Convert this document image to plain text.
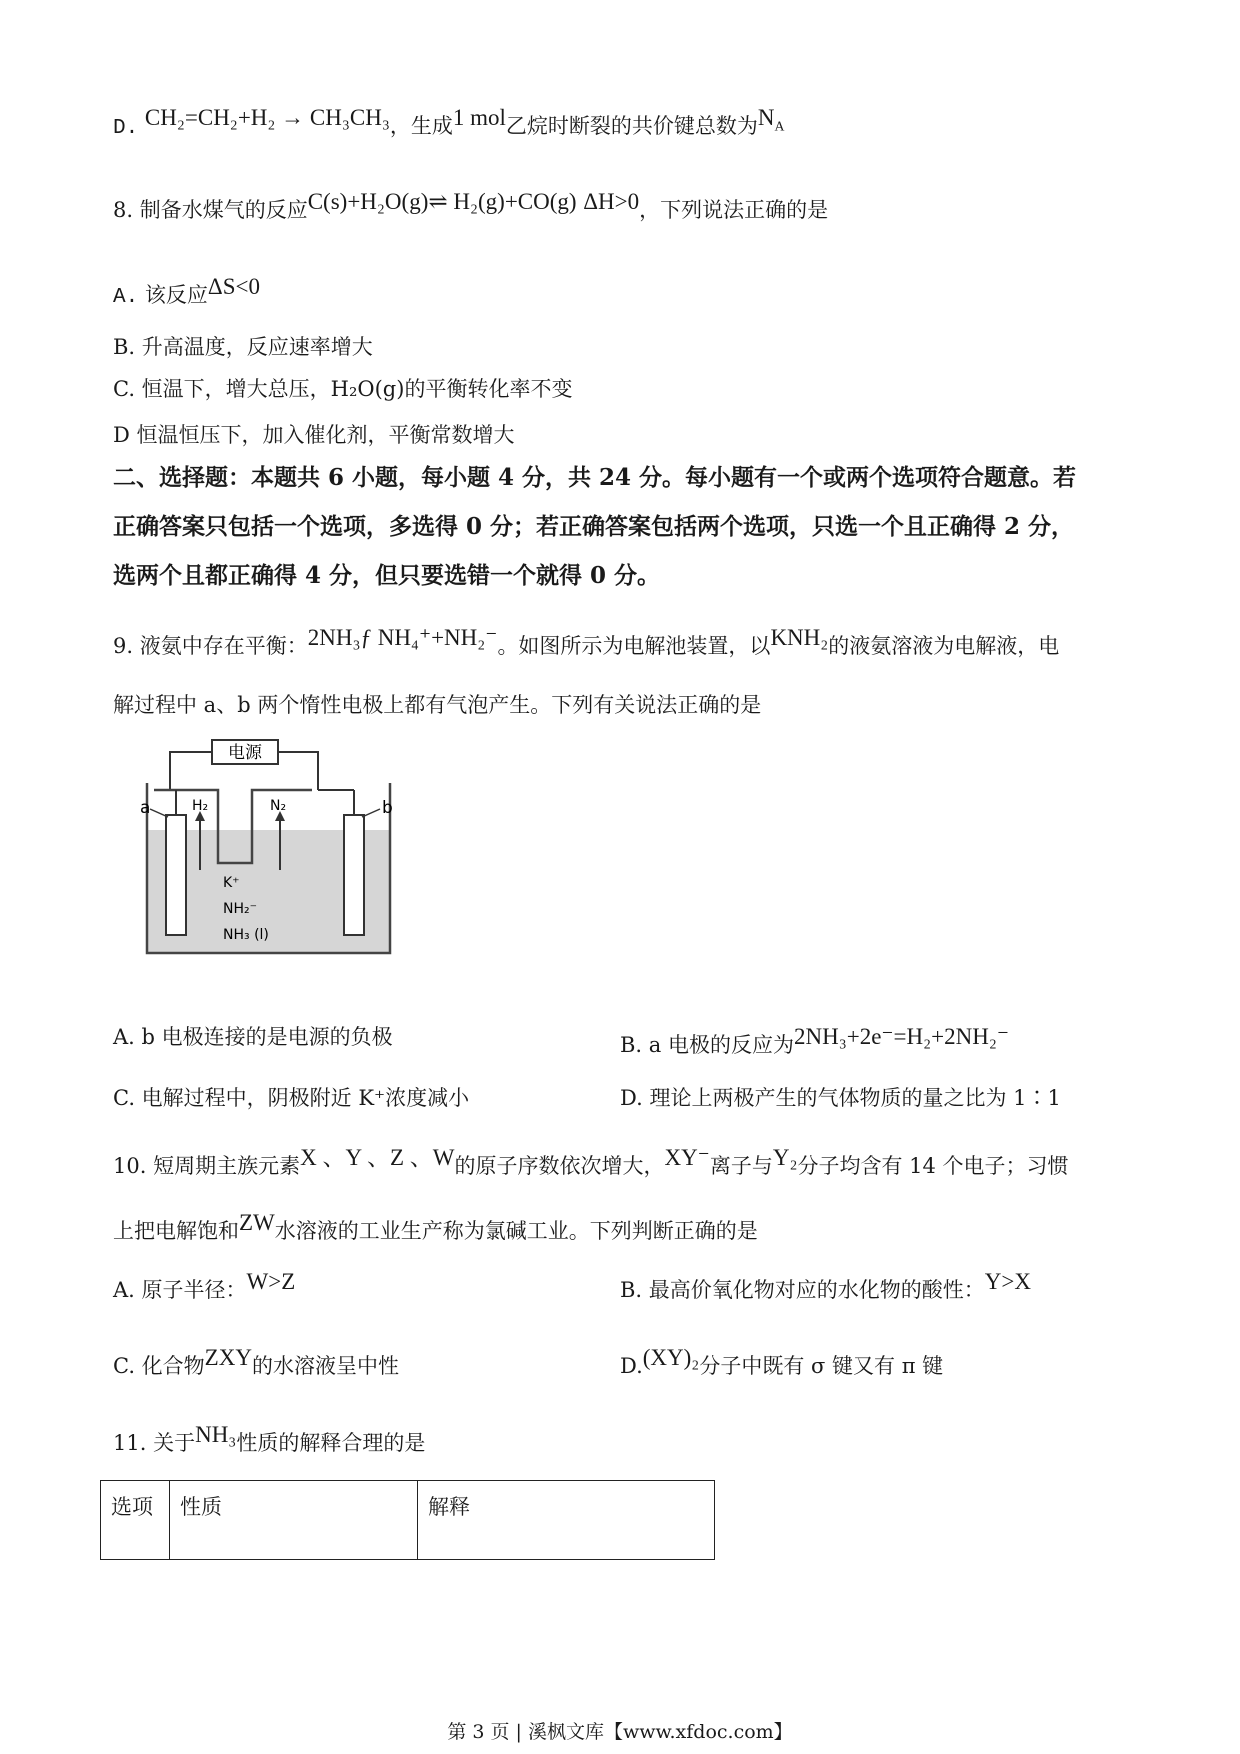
D. CH₂=CH₂+H₂ → CH₃CH₃，生成1 mol乙烷时断裂的共价键总数为$N_A$
8. 制备水煤气的反应C(s)+H₂O(g)⇌ H₂(g)+CO(g) ΔH>0，下列说法正确的是
A. 该反应ΔS<0
B. 升高温度，反应速率增大
C. 恒温下，增大总压，H₂O(g)的平衡转化率不变
D 恒温恒压下，加入催化剂，平衡常数增大
二、选择题：本题共 6 小题，每小题 4 分，共 24 分。每小题有一个或两个选项符合题意。若
正确答案只包括一个选项，多选得 0 分；若正确答案包括两个选项，只选一个且正确得 2 分，
选两个且都正确得 4 分，但只要选错一个就得 0 分。
9. 液氨中存在平衡：2NH₃ƒ NH₄⁺+NH₂⁻。如图所示为电解池装置，以KNH₂的液氨溶液为电解液，电
解过程中 a、b 两个惰性电极上都有气泡产生。下列有关说法正确的是
电源
a	b
H₂	N₂
K⁺
NH₂⁻
NH₃ (l)
A. b 电极连接的是电源的负极	B. a 电极的反应为2NH₃+2e⁻=H₂+2NH₂⁻
C. 电解过程中，阴极附近 K⁺浓度减小	D. 理论上两极产生的气体物质的量之比为 1∶1
10. 短周期主族元素X 、Y 、Z 、W的原子序数依次增大，XY⁻离子与Y₂分子均含有 14 个电子；习惯
上把电解饱和ZW水溶液的工业生产称为氯碱工业。下列判断正确的是
A. 原子半径：W>Z	B. 最高价氧化物对应的水化物的酸性：Y>X
C. 化合物ZXY的水溶液呈中性	D.(XY)₂分子中既有 σ 键又有 π 键
11. 关于NH₃性质的解释合理的是
选项	性质	解释
第 3 页 | 溪枫文库【www.xfdoc.com】
